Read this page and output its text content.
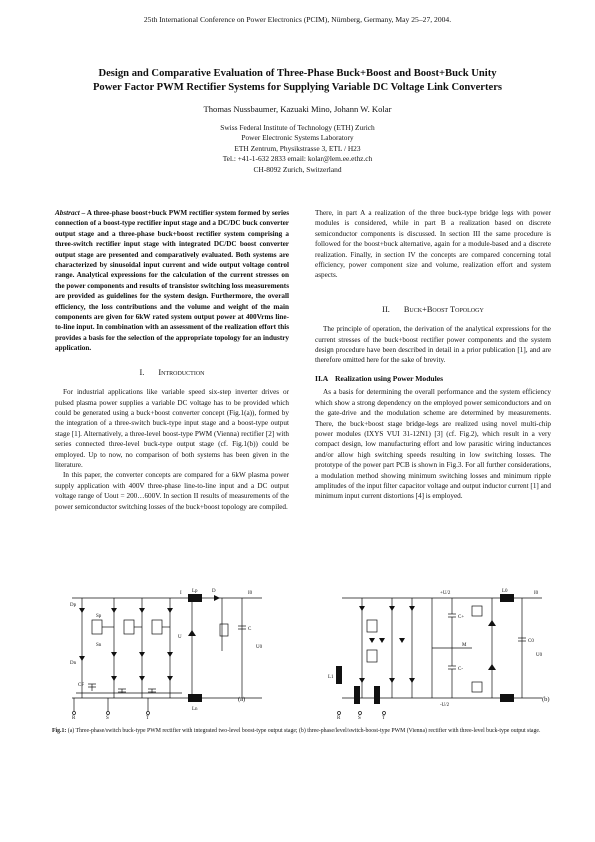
25th International Conference on Power Electronics (PCIM), Nürnberg, Germany, May 25–27, 2004.
Design and Comparative Evaluation of Three-Phase Buck+Boost and Boost+Buck Unity
Power Factor PWM Rectifier Systems for Supplying Variable DC Voltage Link Converters
Thomas Nussbaumer, Kazuaki Mino, Johann W. Kolar
Swiss Federal Institute of Technology (ETH) Zurich
Power Electronic Systems Laboratory
ETH Zentrum, Physikstrasse 3, ETL / H23
Tel.: +41-1-632 2833 email: kolar@lem.ee.ethz.ch
CH-8092 Zurich, Switzerland

Abstract – A three-phase boost+buck PWM rectifier system formed by series connection of a boost-type rectifier input stage and a DC/DC buck converter output stage and a three-phase buck+boost rectifier system comprising a three-switch rectifier input stage with integrated DC/DC boost converter output stage are presented and comparatively evaluated. Both systems are characterized by sinusoidal input current and wide output voltage control range. Analytical expressions for the calculation of the current stresses on the power components and results of transistor switching loss measurements are provided as guidelines for the system design. Furthermore, the overall efficiency, the loss contributions and the volume and weight of the main components are given for 6kW rated system output power at 400Vrms line-to-line input. In combination with an assessment of the realization effort this provides a basis for the selection of the appropriate topology for an industry application.

I. Introduction

For industrial applications like variable speed six-step inverter drives or pulsed plasma power supplies a variable DC voltage has to be provided which could be generated using a buck+boost converter concept (Fig.1(a)), formed by the integration of a three-switch buck-type input stage and a boost-type output stage [1]. Alternatively, a three-level boost-type PWM (Vienna) rectifier [2] with series connected three-level buck-type output stage (cf. Fig.1(b)) could be employed. Up to now, no comparison of both systems has been given in the literature.

In this paper, the converter concepts are compared for a 6kW plasma power supply application with 400V three-phase line-to-line input and a DC output voltage range of Uout = 200…600V. In section II results of measurements of the power semiconductor switching losses of the buck+boost topology are compiled.

There, in part A a realization of the three buck-type bridge legs with power modules is considered, while in part B a realization based on discrete semiconductor components is discussed. In section III the same procedure is followed for the boost+buck alternative, again for a module-based and a discrete realization. Finally, in section IV the concepts are compared concerning total efficiency, power component size and volume, realization effort and system aspects.

II. Buck+Boost Topology

The principle of operation, the derivation of the analytical expressions for the current stresses of the buck+boost rectifier power components and the system design procedure have been described in detail in a prior publication [1], and are therefore omitted here for the sake of brevity.

II.A Realization using Power Modules

As a basis for determining the overall performance and the system efficiency which show a strong dependency on the employed power semiconductors and on the gate-drive and the modulation scheme are determined by measurements. There, the buck+boost stage bridge-legs are realized using novel multi-chip power modules (IXYS VUI 31-12N1) [3] (cf. Fig.2), which result in a very compact design, low manufacturing effort and low parasitic wiring inductances and/or allow high switching speeds resulting in low switching losses. The prototype of the power part PCB is shown in Fig.3. For all further considerations, a modulation method showing minimum switching losses and minimum ripple amplitudes of the input filter capacitor voltage and output inductor current [1] and minimum input current distortions [4] is employed.

R	S	T
Lp
Ln
U
C
U0
CF
Dp
Sp
Dn
Sn
D
I	I0
(a)
R	S	T
+U/2
-U/2
C+
C-
M
L1
L0
C0
U0
I0
(b)
Fig.1: (a) Three-phase/switch buck-type PWM rectifier with integrated two-level boost-type output stage; (b) three-phase/level/switch-boost-type PWM (Vienna) rectifier with three-level buck-type output stage.
